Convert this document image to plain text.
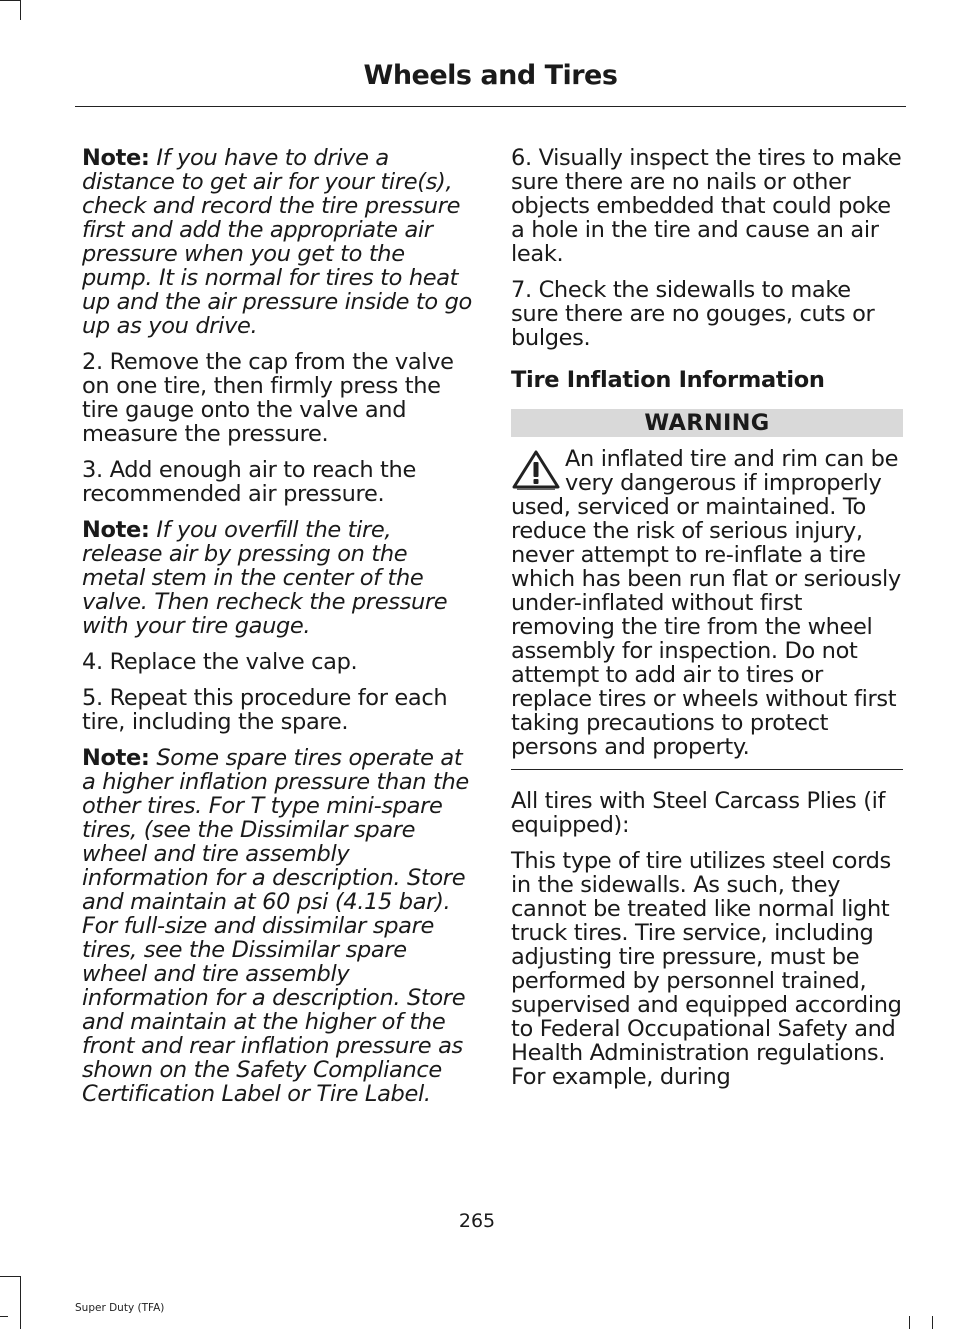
Wheels and Tires

Note: If you have to drive a distance to get air for your tire(s), check and record the tire pressure first and add the appropriate air pressure when you get to the pump. It is normal for tires to heat up and the air pressure inside to go up as you drive.

2. Remove the cap from the valve on one tire, then firmly press the tire gauge onto the valve and measure the pressure.

3. Add enough air to reach the recommended air pressure.

Note: If you overfill the tire, release air by pressing on the metal stem in the center of the valve. Then recheck the pressure with your tire gauge.

4. Replace the valve cap.

5. Repeat this procedure for each tire, including the spare.

Note: Some spare tires operate at a higher inflation pressure than the other tires. For T type mini-spare tires, (see the Dissimilar spare wheel and tire assembly information for a description. Store and maintain at 60 psi (4.15 bar). For full-size and dissimilar spare tires, see the Dissimilar spare wheel and tire assembly information for a description. Store and maintain at the higher of the front and rear inflation pressure as shown on the Safety Compliance Certification Label or Tire Label.

6. Visually inspect the tires to make sure there are no nails or other objects embedded that could poke a hole in the tire and cause an air leak.

7. Check the sidewalls to make sure there are no gouges, cuts or bulges.

Tire Inflation Information
WARNING
An inflated tire and rim can be very dangerous if improperly used, serviced or maintained. To reduce the risk of serious injury, never attempt to re-inflate a tire which has been run flat or seriously under-inflated without first removing the tire from the wheel assembly for inspection. Do not attempt to add air to tires or replace tires or wheels without first taking precautions to protect persons and property.

All tires with Steel Carcass Plies (if equipped):

This type of tire utilizes steel cords in the sidewalls. As such, they cannot be treated like normal light truck tires. Tire service, including adjusting tire pressure, must be performed by personnel trained, supervised and equipped according to Federal Occupational Safety and Health Administration regulations. For example, during

265
Super Duty (TFA)
